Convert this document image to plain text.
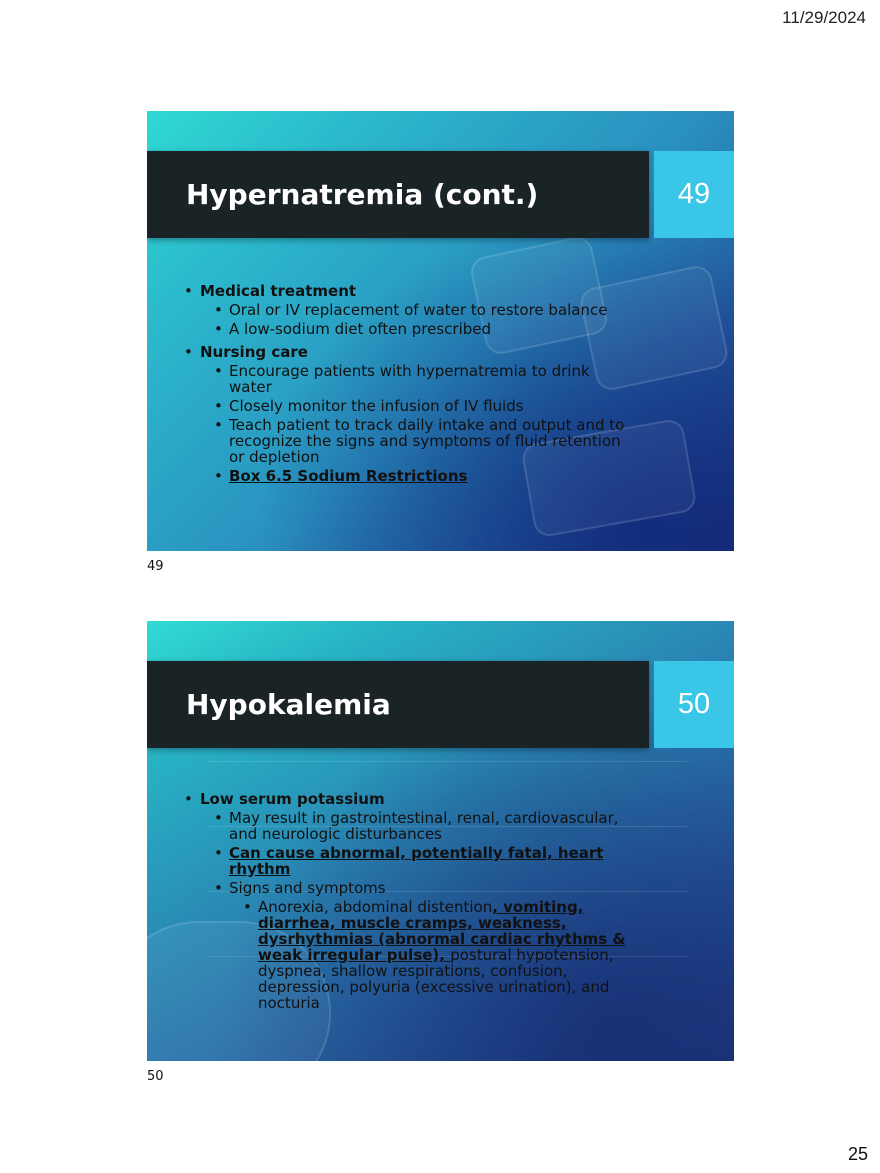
11/29/2024
Hypernatremia (cont.)	49
• Medical treatment
• Oral or IV replacement of water to restore balance
• A low-sodium diet often prescribed
• Nursing care
• Encourage patients with hypernatremia to drink water
• Closely monitor the infusion of IV fluids
• Teach patient to track daily intake and output and to recognize the signs and symptoms of fluid retention or depletion
• Box 6.5 Sodium Restrictions
49
Hypokalemia	50
• Low serum potassium
• May result in gastrointestinal, renal, cardiovascular, and neurologic disturbances
• Can cause abnormal, potentially fatal, heart rhythm
• Signs and symptoms
• Anorexia, abdominal distention, vomiting, diarrhea, muscle cramps, weakness, dysrhythmias (abnormal cardiac rhythms & weak irregular pulse), postural hypotension, dyspnea, shallow respirations, confusion, depression, polyuria (excessive urination), and nocturia
50
25
